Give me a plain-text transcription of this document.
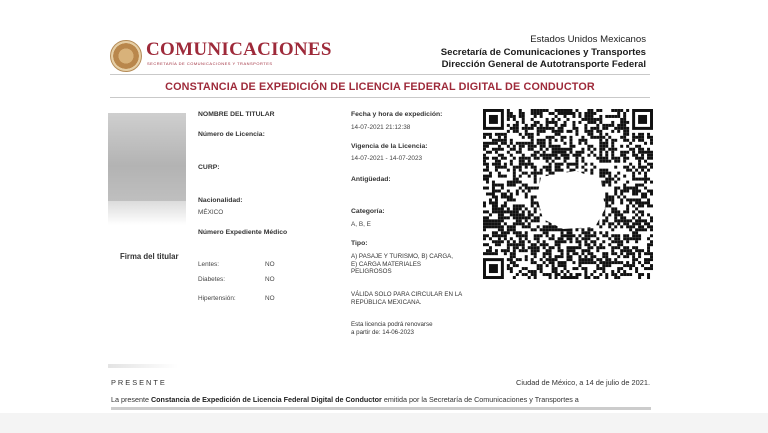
COMUNICACIONES
SECRETARÍA DE COMUNICACIONES Y TRANSPORTES
Estados Unidos Mexicanos
Secretaría de Comunicaciones y Transportes
Dirección General de Autotransporte Federal
CONSTANCIA DE EXPEDICIÓN DE LICENCIA FEDERAL DIGITAL DE CONDUCTOR
Firma del titular
NOMBRE DEL TITULAR
Número de Licencia:
CURP:
Nacionalidad:
MÉXICO
Número Expediente Médico
Lentes:	NO
Diabetes:	NO
Hipertensión:	NO
Fecha y hora de expedición:
14-07-2021 21:12:38
Vigencia de la Licencia:
14-07-2021 - 14-07-2023
Antigüedad:
Categoría:
A, B, E
Tipo:
A) PASAJE Y TURISMO, B) CARGA,
E) CARGA MATERIALES
PELIGROSOS
VÁLIDA SOLO PARA CIRCULAR EN LA
REPÚBLICA MEXICANA.
Esta licencia podrá renovarse
a partir de: 14-06-2023
PRESENTE	Ciudad de México, a 14 de julio de 2021.
La presente Constancia de Expedición de Licencia Federal Digital de Conductor emitida por la Secretaría de Comunicaciones y Transportes a
